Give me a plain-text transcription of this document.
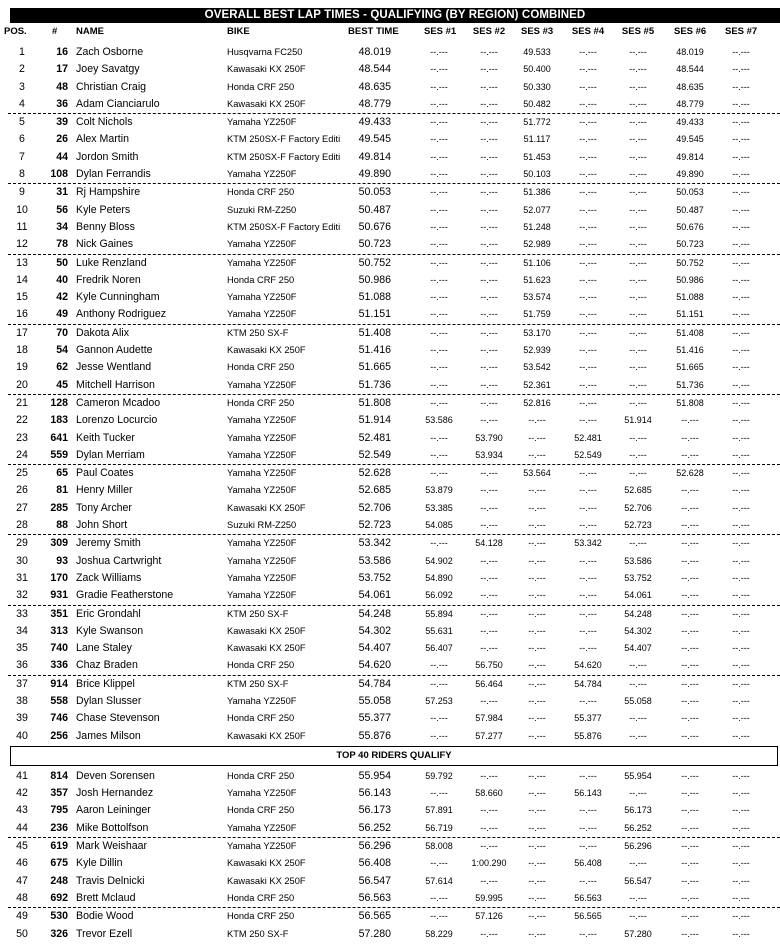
OVERALL BEST LAP TIMES - QUALIFYING (BY REGION) COMBINED
POS.	# NAME	BIKE	BEST TIME	SES #1 SES #2 SES #3 SES #4 SES #5 SES #6 SES #7
1	16 Zach Osborne	Husqvarna FC250	48.019	--.---	--.---	49.533	--.---	--.---	48.019	--.---
2	17 Joey Savatgy	Kawasaki KX 250F	48.544	--.---	--.---	50.400	--.---	--.---	48.544	--.---
3	48 Christian Craig	Honda CRF 250	48.635	--.---	--.---	50.330	--.---	--.---	48.635	--.---
4	36 Adam Cianciarulo	Kawasaki KX 250F	48.779	--.---	--.---	50.482	--.---	--.---	48.779	--.---
5	39 Colt Nichols	Yamaha YZ250F	49.433	--.---	--.---	51.772	--.---	--.---	49.433	--.---
6	26 Alex Martin	KTM 250SX-F Factory Editi	49.545	--.---	--.---	51.117	--.---	--.---	49.545	--.---
7	44 Jordon Smith	KTM 250SX-F Factory Editi	49.814	--.---	--.---	51.453	--.---	--.---	49.814	--.---
8	108 Dylan Ferrandis	Yamaha YZ250F	49.890	--.---	--.---	50.103	--.---	--.---	49.890	--.---
9	31 Rj Hampshire	Honda CRF 250	50.053	--.---	--.---	51.386	--.---	--.---	50.053	--.---
10	56 Kyle Peters	Suzuki RM-Z250	50.487	--.---	--.---	52.077	--.---	--.---	50.487	--.---
11	34 Benny Bloss	KTM 250SX-F Factory Editi	50.676	--.---	--.---	51.248	--.---	--.---	50.676	--.---
12	78 Nick Gaines	Yamaha YZ250F	50.723	--.---	--.---	52.989	--.---	--.---	50.723	--.---
13	50 Luke Renzland	Yamaha YZ250F	50.752	--.---	--.---	51.106	--.---	--.---	50.752	--.---
14	40 Fredrik Noren	Honda CRF 250	50.986	--.---	--.---	51.623	--.---	--.---	50.986	--.---
15	42 Kyle Cunningham	Yamaha YZ250F	51.088	--.---	--.---	53.574	--.---	--.---	51.088	--.---
16	49 Anthony Rodriguez	Yamaha YZ250F	51.151	--.---	--.---	51.759	--.---	--.---	51.151	--.---
17	70 Dakota Alix	KTM 250 SX-F	51.408	--.---	--.---	53.170	--.---	--.---	51.408	--.---
18	54 Gannon Audette	Kawasaki KX 250F	51.416	--.---	--.---	52.939	--.---	--.---	51.416	--.---
19	62 Jesse Wentland	Honda CRF 250	51.665	--.---	--.---	53.542	--.---	--.---	51.665	--.---
20	45 Mitchell Harrison	Yamaha YZ250F	51.736	--.---	--.---	52.361	--.---	--.---	51.736	--.---
21	128 Cameron Mcadoo	Honda CRF 250	51.808	--.---	--.---	52.816	--.---	--.---	51.808	--.---
22	183 Lorenzo Locurcio	Yamaha YZ250F	51.914	53.586	--.---	--.---	--.---	51.914	--.---	--.---
23	641 Keith Tucker	Yamaha YZ250F	52.481	--.---	53.790	--.---	52.481	--.---	--.---	--.---
24	559 Dylan Merriam	Yamaha YZ250F	52.549	--.---	53.934	--.---	52.549	--.---	--.---	--.---
25	65 Paul Coates	Yamaha YZ250F	52.628	--.---	--.---	53.564	--.---	--.---	52.628	--.---
26	81 Henry Miller	Yamaha YZ250F	52.685	53.879	--.---	--.---	--.---	52.685	--.---	--.---
27	285 Tony Archer	Kawasaki KX 250F	52.706	53.385	--.---	--.---	--.---	52.706	--.---	--.---
28	88 John Short	Suzuki RM-Z250	52.723	54.085	--.---	--.---	--.---	52.723	--.---	--.---
29	309 Jeremy Smith	Yamaha YZ250F	53.342	--.---	54.128	--.---	53.342	--.---	--.---	--.---
30	93 Joshua Cartwright	Yamaha YZ250F	53.586	54.902	--.---	--.---	--.---	53.586	--.---	--.---
31	170 Zack Williams	Yamaha YZ250F	53.752	54.890	--.---	--.---	--.---	53.752	--.---	--.---
32	931 Gradie Featherstone	Yamaha YZ250F	54.061	56.092	--.---	--.---	--.---	54.061	--.---	--.---
33	351 Eric Grondahl	KTM 250 SX-F	54.248	55.894	--.---	--.---	--.---	54.248	--.---	--.---
34	313 Kyle Swanson	Kawasaki KX 250F	54.302	55.631	--.---	--.---	--.---	54.302	--.---	--.---
35	740 Lane Staley	Kawasaki KX 250F	54.407	56.407	--.---	--.---	--.---	54.407	--.---	--.---
36	336 Chaz Braden	Honda CRF 250	54.620	--.---	56.750	--.---	54.620	--.---	--.---	--.---
37	914 Brice Klippel	KTM 250 SX-F	54.784	--.---	56.464	--.---	54.784	--.---	--.---	--.---
38	558 Dylan Slusser	Yamaha YZ250F	55.058	57.253	--.---	--.---	--.---	55.058	--.---	--.---
39	746 Chase Stevenson	Honda CRF 250	55.377	--.---	57.984	--.---	55.377	--.---	--.---	--.---
40	256 James Milson	Kawasaki KX 250F	55.876	--.---	57.277	--.---	55.876	--.---	--.---	--.---
TOP 40 RIDERS QUALIFY
41	814 Deven Sorensen	Honda CRF 250	55.954	59.792	--.---	--.---	--.---	55.954	--.---	--.---
42	357 Josh Hernandez	Yamaha YZ250F	56.143	--.---	58.660	--.---	56.143	--.---	--.---	--.---
43	795 Aaron Leininger	Honda CRF 250	56.173	57.891	--.---	--.---	--.---	56.173	--.---	--.---
44	236 Mike Bottolfson	Yamaha YZ250F	56.252	56.719	--.---	--.---	--.---	56.252	--.---	--.---
45	619 Mark Weishaar	Yamaha YZ250F	56.296	58.008	--.---	--.---	--.---	56.296	--.---	--.---
46	675 Kyle Dillin	Kawasaki KX 250F	56.408	--.---	1:00.290	--.---	56.408	--.---	--.---	--.---
47	248 Travis Delnicki	Kawasaki KX 250F	56.547	57.614	--.---	--.---	--.---	56.547	--.---	--.---
48	692 Brett Mclaud	Honda CRF 250	56.563	--.---	59.995	--.---	56.563	--.---	--.---	--.---
49	530 Bodie Wood	Honda CRF 250	56.565	--.---	57.126	--.---	56.565	--.---	--.---	--.---
50	326 Trevor Ezell	KTM 250 SX-F	57.280	58.229	--.---	--.---	--.---	57.280	--.---	--.---
